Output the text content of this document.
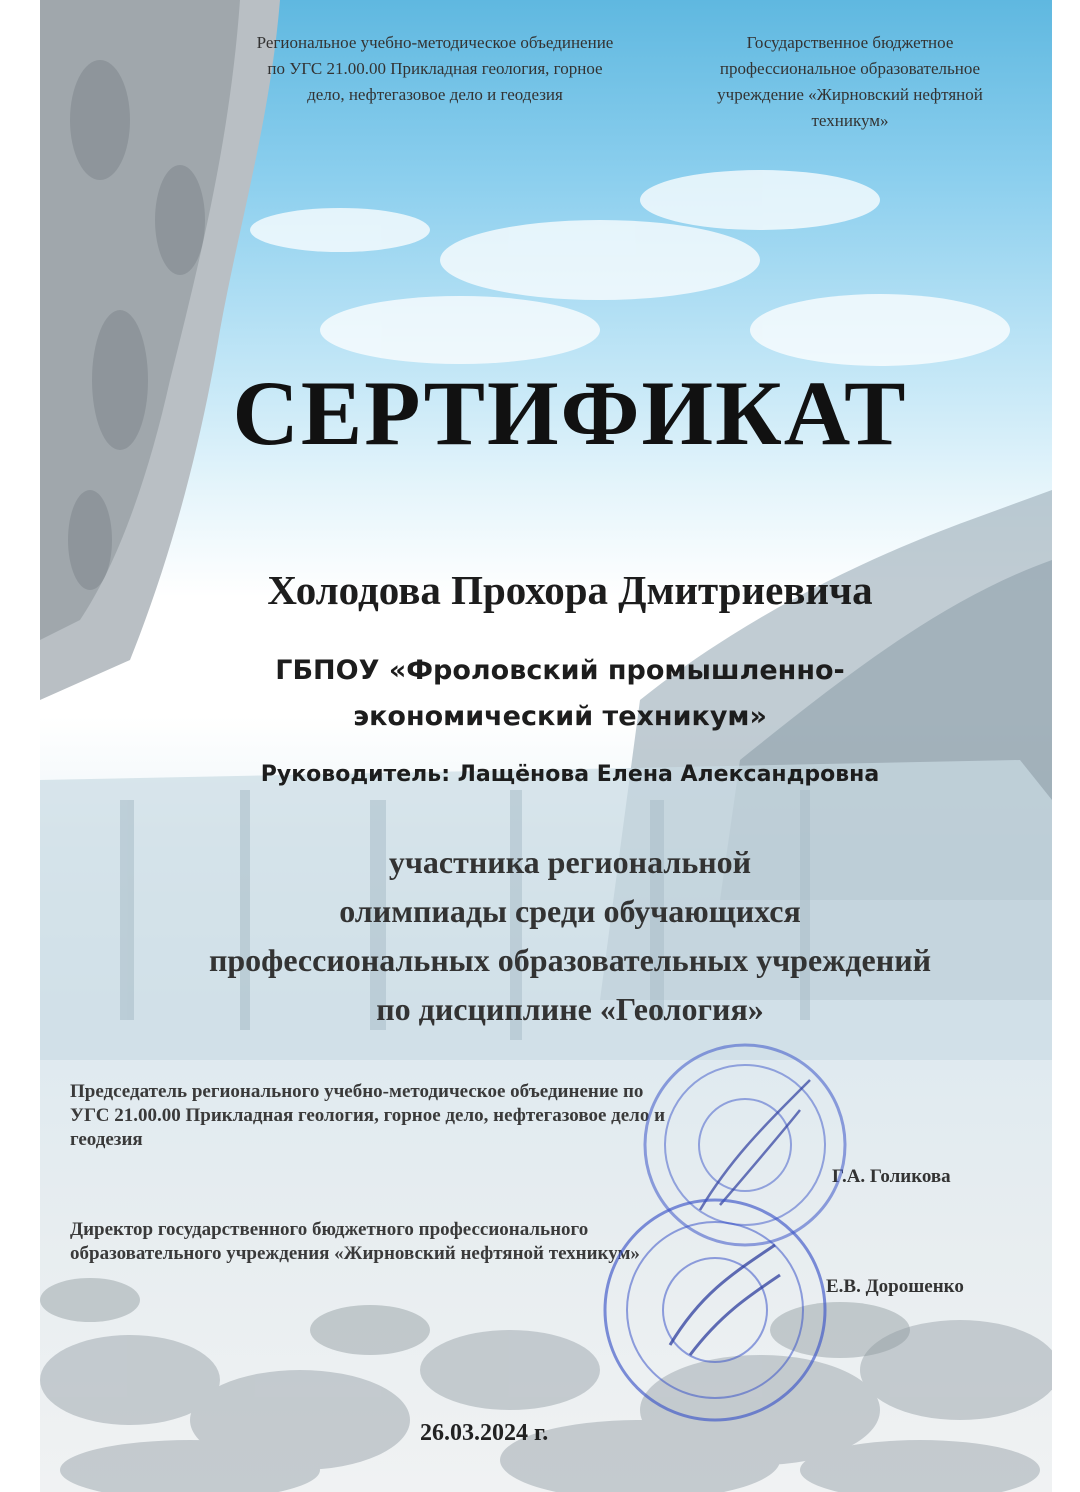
Региональное учебно-методическое объединение по УГС 21.00.00 Прикладная геология, горное дело, нефтегазовое дело и геодезия
Государственное бюджетное профессиональное образовательное учреждение «Жирновский нефтяной техникум»
СЕРТИФИКАТ
Холодова Прохора Дмитриевича
ГБПОУ «Фроловский промышленно-экономический техникум»
Руководитель: Лащёнова Елена Александровна
участника региональной
олимпиады среди обучающихся
профессиональных образовательных учреждений
по дисциплине «Геология»
Председатель регионального учебно-методическое объединение по УГС 21.00.00 Прикладная геология, горное дело, нефтегазовое дело и геодезия
Г.А. Голикова
Директор государственного бюджетного профессионального образовательного учреждения «Жирновский нефтяной техникум»
Е.В. Дорошенко
26.03.2024 г.
